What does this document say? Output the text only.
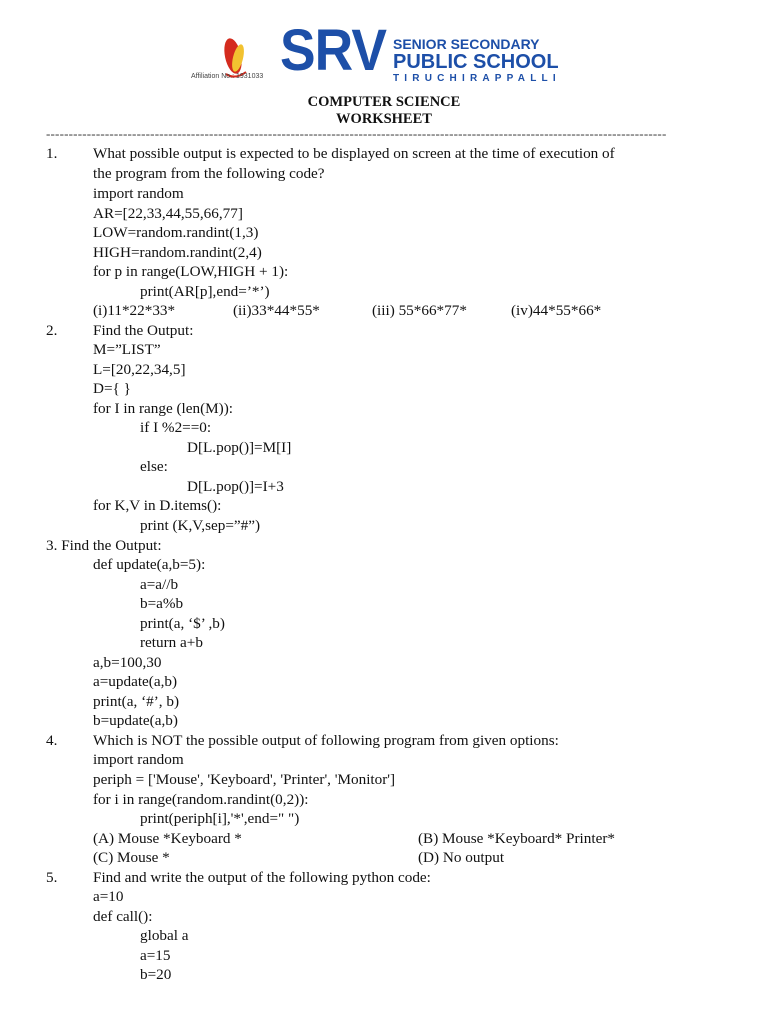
Affiliation No.: 1931033 SRV SENIOR SECONDARY
PUBLIC SCHOOL
TIRUCHIRAPPALLI
COMPUTER SCIENCE
WORKSHEET
-----------------------------------------------------------------------------------------------------------------------------------------
1. What possible output is expected to be displayed on screen at the time of execution of
the program from the following code?
import random
AR=[22,33,44,55,66,77]
LOW=random.randint(1,3)
HIGH=random.randint(2,4)
for p in range(LOW,HIGH + 1):
print(AR[p],end=’*’)
(i)11*22*33*	(ii)33*44*55*	(iii) 55*66*77*	(iv)44*55*66*
2. Find the Output:
M=”LIST”
L=[20,22,34,5]
D={ }
for I in range (len(M)):
if I %2==0:
D[L.pop()]=M[I]
else:
D[L.pop()]=I+3
for K,V in D.items():
print (K,V,sep=”#”)
3. Find the Output:
def update(a,b=5):
a=a//b
b=a%b
print(a, ‘$’ ,b)
return a+b
a,b=100,30
a=update(a,b)
print(a, ‘#’, b)
b=update(a,b)
4. Which is NOT the possible output of following program from given options:
import random
periph = ['Mouse', 'Keyboard', 'Printer', 'Monitor']
for i in range(random.randint(0,2)):
print(periph[i],'*',end=" ")
(A) Mouse *Keyboard *	(B) Mouse *Keyboard* Printer*
(C) Mouse *	(D) No output
5. Find and write the output of the following python code:
a=10
def call():
global a
a=15
b=20
